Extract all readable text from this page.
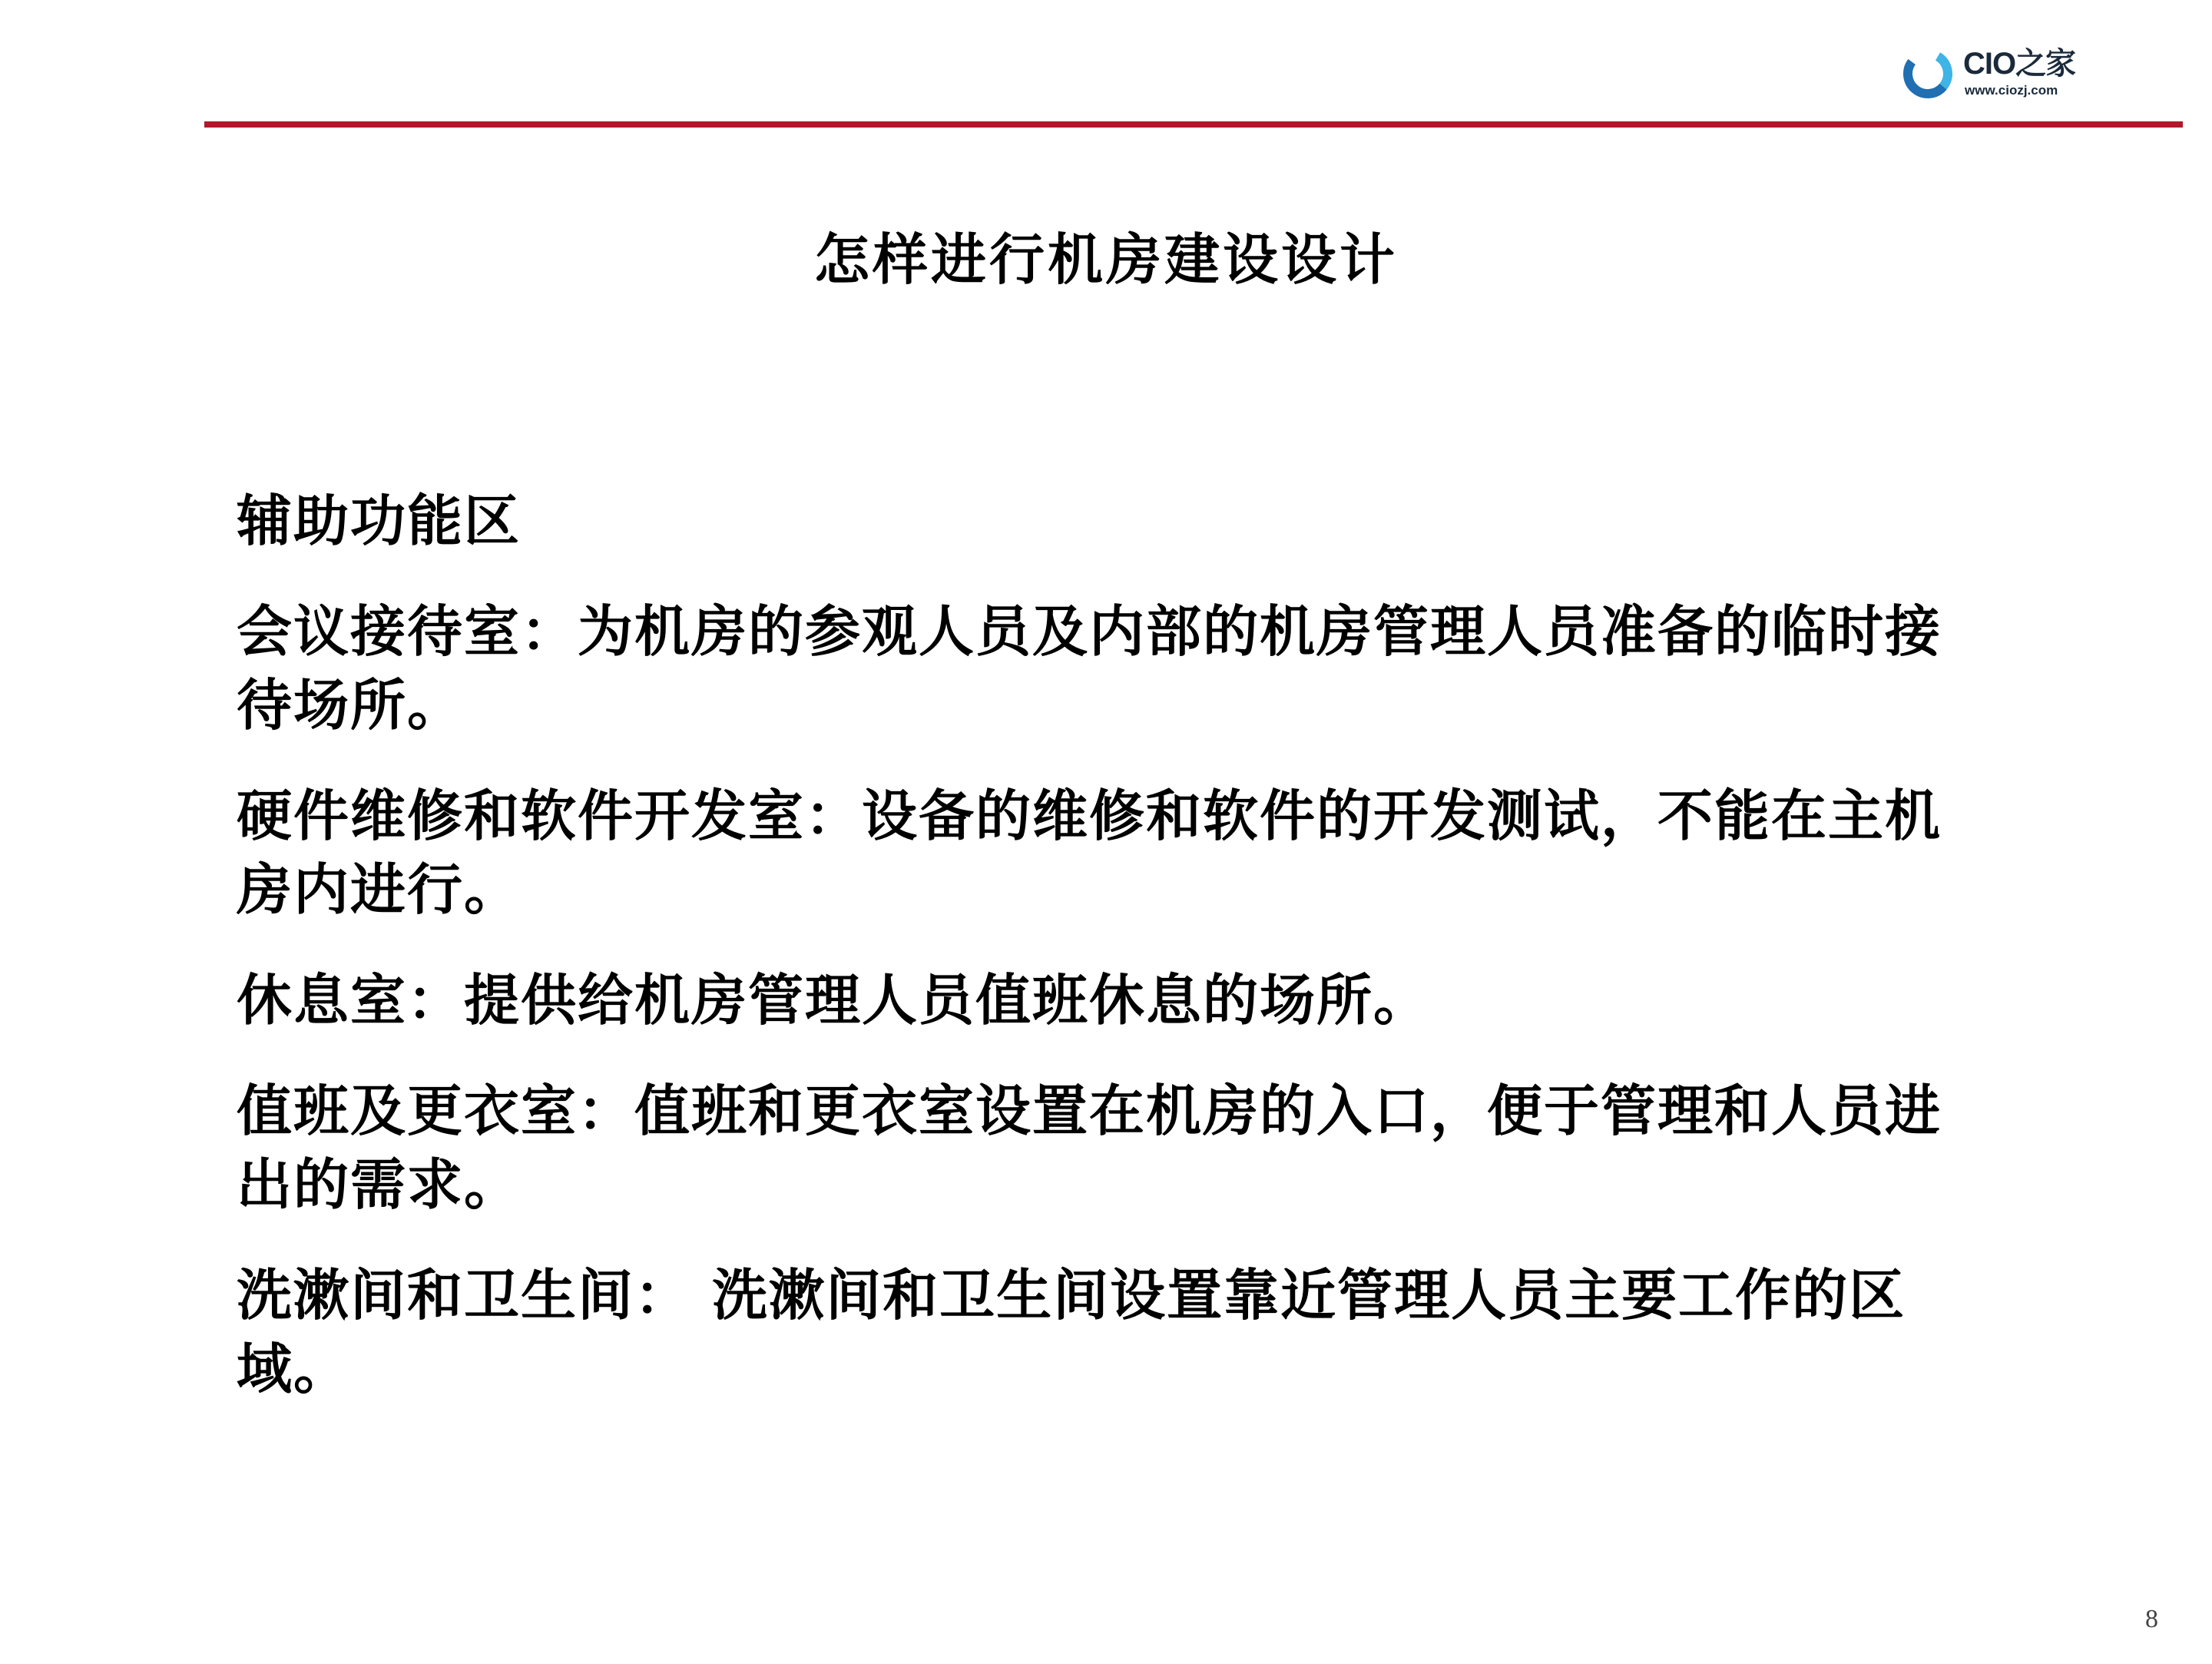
CIO之家
www.ciozj.com
怎样进行机房建设设计

辅助功能区

会议接待室：为机房的参观人员及内部的机房管理人员准备的临时接待场所。

硬件维修和软件开发室：设备的维修和软件的开发测试，不能在主机房内进行。

休息室：提供给机房管理人员值班休息的场所。

值班及更衣室：值班和更衣室设置在机房的入口，便于管理和人员进出的需求。

洗漱间和卫生间： 洗漱间和卫生间设置靠近管理人员主要工作的区域。

8
